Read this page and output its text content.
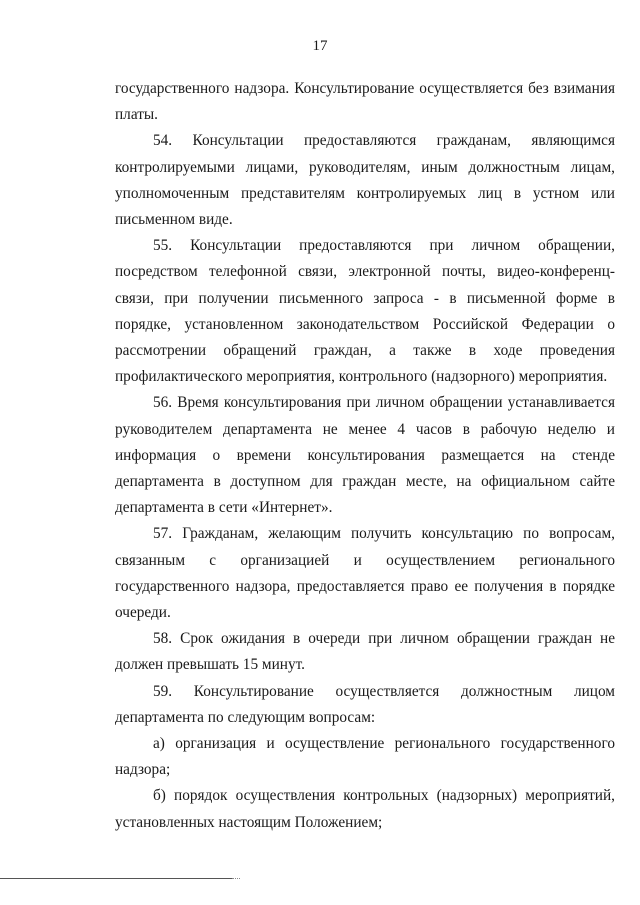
17

государственного надзора. Консультирование осуществляется без взимания платы.

54. Консультации предоставляются гражданам, являющимся контролируемыми лицами, руководителям, иным должностным лицам, уполномоченным представителям контролируемых лиц в устном или письменном виде.

55. Консультации предоставляются при личном обращении, посредством телефонной связи, электронной почты, видео-конференц-связи, при получении письменного запроса - в письменной форме в порядке, установленном законодательством Российской Федерации о рассмотрении обращений граждан, а также в ходе проведения профилактического мероприятия, контрольного (надзорного) мероприятия.

56. Время консультирования при личном обращении устанавливается руководителем департамента не менее 4 часов в рабочую неделю и информация о времени консультирования размещается на стенде департамента в доступном для граждан месте, на официальном сайте департамента в сети «Интернет».

57. Гражданам, желающим получить консультацию по вопросам, связанным с организацией и осуществлением регионального государственного надзора, предоставляется право ее получения в порядке очереди.

58. Срок ожидания в очереди при личном обращении граждан не должен превышать 15 минут.

59. Консультирование осуществляется должностным лицом департамента по следующим вопросам:

а) организация и осуществление регионального государственного надзора;

б) порядок осуществления контрольных (надзорных) мероприятий, установленных настоящим Положением;
